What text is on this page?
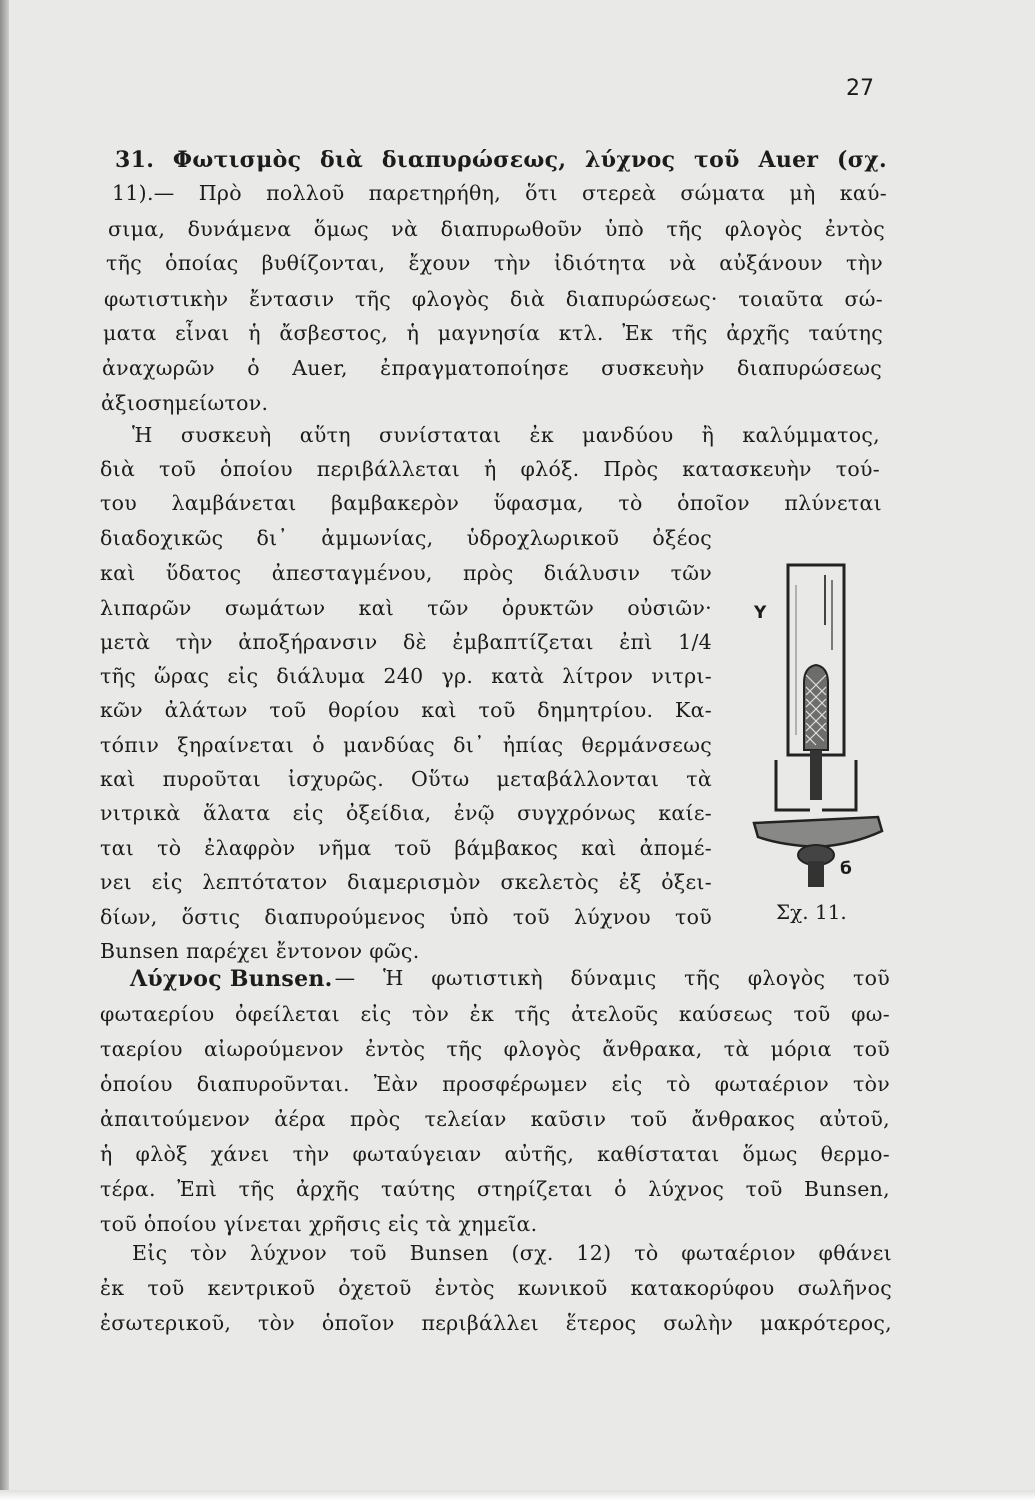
27
31. Φωτισμὸς διὰ διαπυρώσεως, λύχνος τοῦ Auer (σχ.
11).— Πρὸ πολλοῦ παρετηρήθη, ὅτι στερεὰ σώματα μὴ καύ-
σιμα, δυνάμενα ὅμως νὰ διαπυρωθοῦν ὑπὸ τῆς φλογὸς ἐντὸς
τῆς ὁποίας βυθίζονται, ἔχουν τὴν ἰδιότητα νὰ αὐξάνουν τὴν
φωτιστικὴν ἔντασιν τῆς φλογὸς διὰ διαπυρώσεως· τοιαῦτα σώ-
ματα εἶναι ἡ ἄσβεστος, ἡ μαγνησία κτλ. Ἐκ τῆς ἀρχῆς ταύτης
ἀναχωρῶν ὁ Auer, ἐπραγματοποίησε συσκευὴν διαπυρώσεως
ἀξιοσημείωτον.
Ἡ συσκευὴ αὕτη συνίσταται ἐκ μανδύου ἢ καλύμματος,
διὰ τοῦ ὁποίου περιβάλλεται ἡ φλόξ. Πρὸς κατασκευὴν τού-
του λαμβάνεται βαμβακερὸν ὕφασμα, τὸ ὁποῖον πλύνεται
διαδοχικῶς δι᾽ ἀμμωνίας, ὑδροχλωρικοῦ ὀξέος
καὶ ὕδατος ἀπεσταγμένου, πρὸς διάλυσιν τῶν
λιπαρῶν σωμάτων καὶ τῶν ὀρυκτῶν οὐσιῶν·
μετὰ τὴν ἀποξήρανσιν δὲ ἐμβαπτίζεται ἐπὶ 1/4
τῆς ὥρας εἰς διάλυμα 240 γρ. κατὰ λίτρον νιτρι-
κῶν ἀλάτων τοῦ θορίου καὶ τοῦ δημητρίου. Κα-
τόπιν ξηραίνεται ὁ μανδύας δι᾽ ἠπίας θερμάνσεως
καὶ πυροῦται ἰσχυρῶς. Οὕτω μεταβάλλονται τὰ
νιτρικὰ ἅλατα εἰς ὀξείδια, ἐνῷ συγχρόνως καίε-
ται τὸ ἐλαφρὸν νῆμα τοῦ βάμβακος καὶ ἀπομέ-
νει εἰς λεπτότατον διαμερισμὸν σκελετὸς ἐξ ὀξει-
δίων, ὅστις διαπυρούμενος ὑπὸ τοῦ λύχνου τοῦ
Bunsen παρέχει ἔντονον φῶς.
Υ
б
Σχ. 11.
Λύχνος Bunsen. — Ἡ φωτιστικὴ δύναμις τῆς φλογὸς τοῦ
φωταερίου ὀφείλεται εἰς τὸν ἐκ τῆς ἀτελοῦς καύσεως τοῦ φω-
ταερίου αἰωρούμενον ἐντὸς τῆς φλογὸς ἄνθρακα, τὰ μόρια τοῦ
ὁποίου διαπυροῦνται. Ἐὰν προσφέρωμεν εἰς τὸ φωταέριον τὸν
ἀπαιτούμενον ἀέρα πρὸς τελείαν καῦσιν τοῦ ἄνθρακος αὐτοῦ,
ἡ φλὸξ χάνει τὴν φωταύγειαν αὐτῆς, καθίσταται ὅμως θερμο-
τέρα. Ἐπὶ τῆς ἀρχῆς ταύτης στηρίζεται ὁ λύχνος τοῦ Bunsen,
τοῦ ὁποίου γίνεται χρῆσις εἰς τὰ χημεῖα.
Εἰς τὸν λύχνον τοῦ Bunsen (σχ. 12) τὸ φωταέριον φθάνει
ἐκ τοῦ κεντρικοῦ ὀχετοῦ ἐντὸς κωνικοῦ κατακορύφου σωλῆνος
ἐσωτερικοῦ, τὸν ὁποῖον περιβάλλει ἕτερος σωλὴν μακρότερος,
